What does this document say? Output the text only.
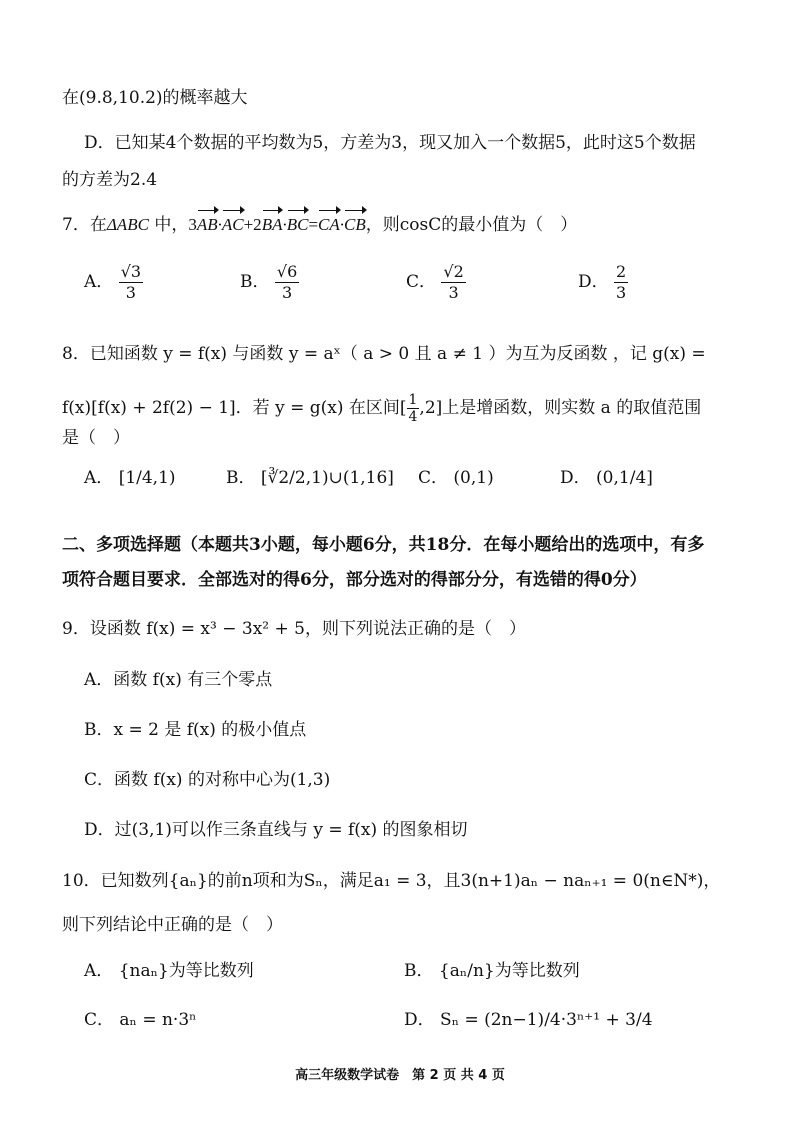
在(9.8,10.2)的概率越大
D．已知某4个数据的平均数为5，方差为3，现又加入一个数据5，此时这5个数据
的方差为2.4
7．在ΔABC 中，3AB·AC+2BA·BC=CA·CB，则cosC的最小值为（　）
A． $\frac{√3}{3}$	B． $\frac{√6}{3}$	C． $\frac{√2}{3}$	D． $\frac{2}{3}$
8．已知函数 y = f(x) 与函数 y = aˣ（ a > 0 且 a ≠ 1 ）为互为反函数 ，记 g(x) =
f(x)[f(x) + 2f(2) − 1]．若 y = g(x) 在区间[ $\frac{1}{4} ,2$]上是增函数，则实数 a 的取值范围
是（　）
A． [1/4,1)	B． [∛2/2,1)∪(1,16] C． (0,1)	D． (0,1/4]
二、多项选择题（本题共3小题，每小题6分，共18分．在每小题给出的选项中，有多
项符合题目要求．全部选对的得6分，部分选对的得部分分，有选错的得0分）
9．设函数 f(x) = x³ − 3x² + 5，则下列说法正确的是（　）
A．函数 f(x) 有三个零点
B．x = 2 是 f(x) 的极小值点
C．函数 f(x) 的对称中心为(1,3)
D．过(3,1)可以作三条直线与 y = f(x) 的图象相切
10．已知数列{aₙ}的前n项和为Sₙ，满足a₁ = 3，且3(n+1)aₙ − naₙ₊₁ = 0(n∈N*)，
则下列结论中正确的是（　）
A． {naₙ}为等比数列	B． {aₙ/n}为等比数列
C． aₙ = n·3ⁿ	D． Sₙ = (2n−1)/4·3ⁿ⁺¹ + 3/4
高三年级数学试卷　第 2 页 共 4 页
